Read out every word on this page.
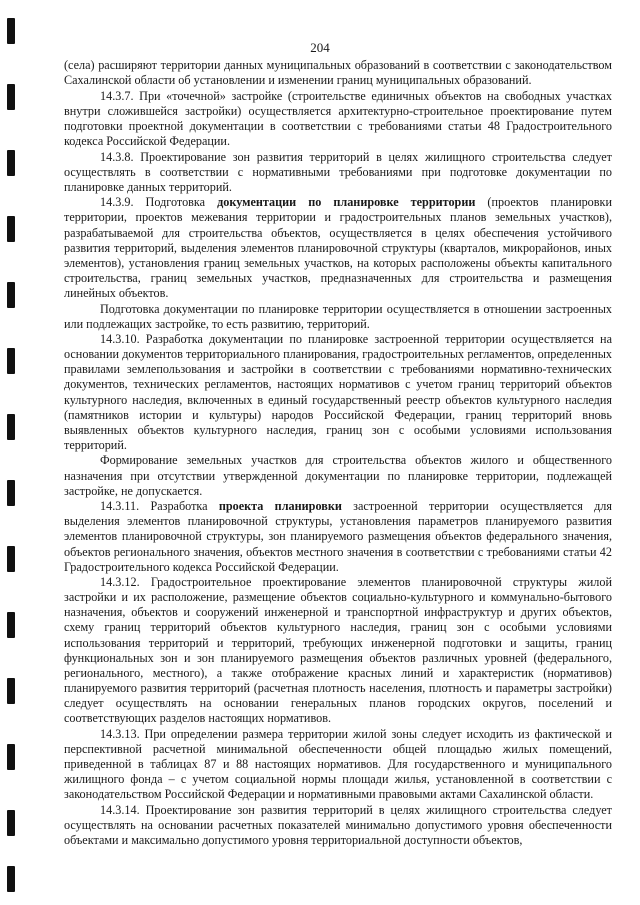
204

(села) расширяют территории данных муниципальных образований в соответствии с законодательством Сахалинской области об установлении и изменении границ муниципальных образований.

14.3.7. При «точечной» застройке (строительстве единичных объектов на свободных участках внутри сложившейся застройки) осуществляется архитектурно-строительное проектирование путем подготовки проектной документации в соответствии с требованиями статьи 48 Градостроительного кодекса Российской Федерации.

14.3.8. Проектирование зон развития территорий в целях жилищного строительства следует осуществлять в соответствии с нормативными требованиями при подготовке документации по планировке данных территорий.

14.3.9. Подготовка документации по планировке территории (проектов планировки территории, проектов межевания территории и градостроительных планов земельных участков), разрабатываемой для строительства объектов, осуществляется в целях обеспечения устойчивого развития территорий, выделения элементов планировочной структуры (кварталов, микрорайонов, иных элементов), установления границ земельных участков, на которых расположены объекты капитального строительства, границ земельных участков, предназначенных для строительства и размещения линейных объектов.

Подготовка документации по планировке территории осуществляется в отношении застроенных или подлежащих застройке, то есть развитию, территорий.

14.3.10. Разработка документации по планировке застроенной территории осуществляется на основании документов территориального планирования, градостроительных регламентов, определенных правилами землепользования и застройки в соответствии с требованиями нормативно-технических документов, технических регламентов, настоящих нормативов с учетом границ территорий объектов культурного наследия, включенных в единый государственный реестр объектов культурного наследия (памятников истории и культуры) народов Российской Федерации, границ территорий вновь выявленных объектов культурного наследия, границ зон с особыми условиями использования территорий.

Формирование земельных участков для строительства объектов жилого и общественного назначения при отсутствии утвержденной документации по планировке территории, подлежащей застройке, не допускается.

14.3.11. Разработка проекта планировки застроенной территории осуществляется для выделения элементов планировочной структуры, установления параметров планируемого развития элементов планировочной структуры, зон планируемого размещения объектов федерального значения, объектов регионального значения, объектов местного значения в соответствии с требованиями статьи 42 Градостроительного кодекса Российской Федерации.

14.3.12. Градостроительное проектирование элементов планировочной структуры жилой застройки и их расположение, размещение объектов социально-культурного и коммунально-бытового назначения, объектов и сооружений инженерной и транспортной инфраструктур и других объектов, схему границ территорий объектов культурного наследия, границ зон с особыми условиями использования территорий и территорий, требующих инженерной подготовки и защиты, границ функциональных зон и зон планируемого размещения объектов различных уровней (федерального, регионального, местного), а также отображение красных линий и характеристик (нормативов) планируемого развития территорий (расчетная плотность населения, плотность и параметры застройки) следует осуществлять на основании генеральных планов городских округов, поселений и соответствующих разделов настоящих нормативов.

14.3.13. При определении размера территории жилой зоны следует исходить из фактической и перспективной расчетной минимальной обеспеченности общей площадью жилых помещений, приведенной в таблицах 87 и 88 настоящих нормативов. Для государственного и муниципального жилищного фонда – с учетом социальной нормы площади жилья, установленной в соответствии с законодательством Российской Федерации и нормативными правовыми актами Сахалинской области.

14.3.14. Проектирование зон развития территорий в целях жилищного строительства следует осуществлять на основании расчетных показателей минимально допустимого уровня обеспеченности объектами и максимально допустимого уровня территориальной доступности объектов,
